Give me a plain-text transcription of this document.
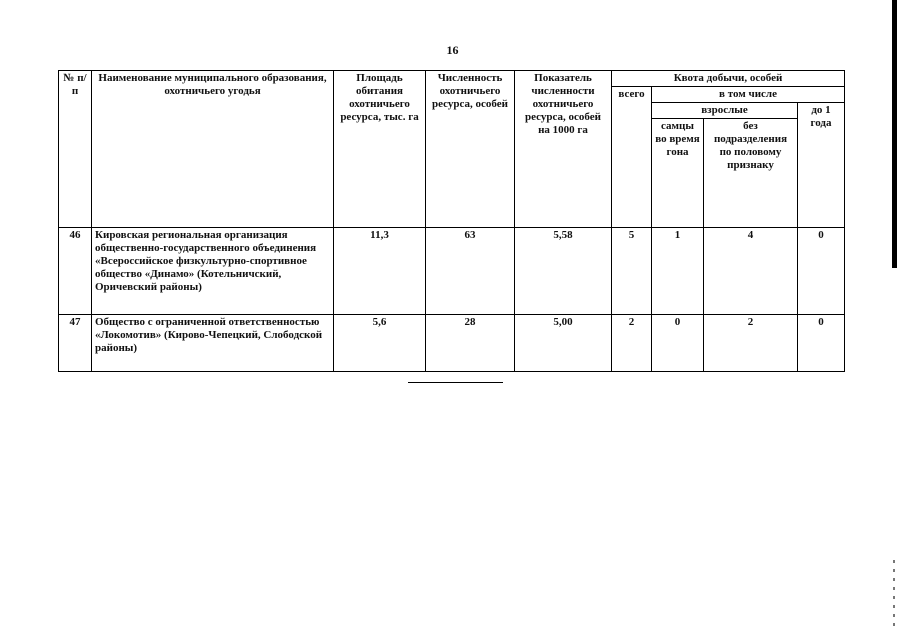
16
№ п/п	Наименование муниципального образования, охотничьего угодья	Площадь обитания охотничьего ресурса, тыс. га	Численность охотничьего ресурса, особей	Показатель численности охотничьего ресурса, особей на 1000 га	Квота добычи, особей			
					всего	в том числе		
						взрослые		до 1 года
						самцы во время гона	без подразделения по половому признаку	
46	Кировская региональная организация общественно-государственного объединения «Всероссийское физкультурно-спортивное общество «Динамо» (Котельничский, Оричевский районы)	11,3	63	5,58	5	1	4	0
47	Общество с ограниченной ответственностью «Локомотив» (Кирово-Чепецкий, Слободской районы)	5,6	28	5,00	2	0	2	0
